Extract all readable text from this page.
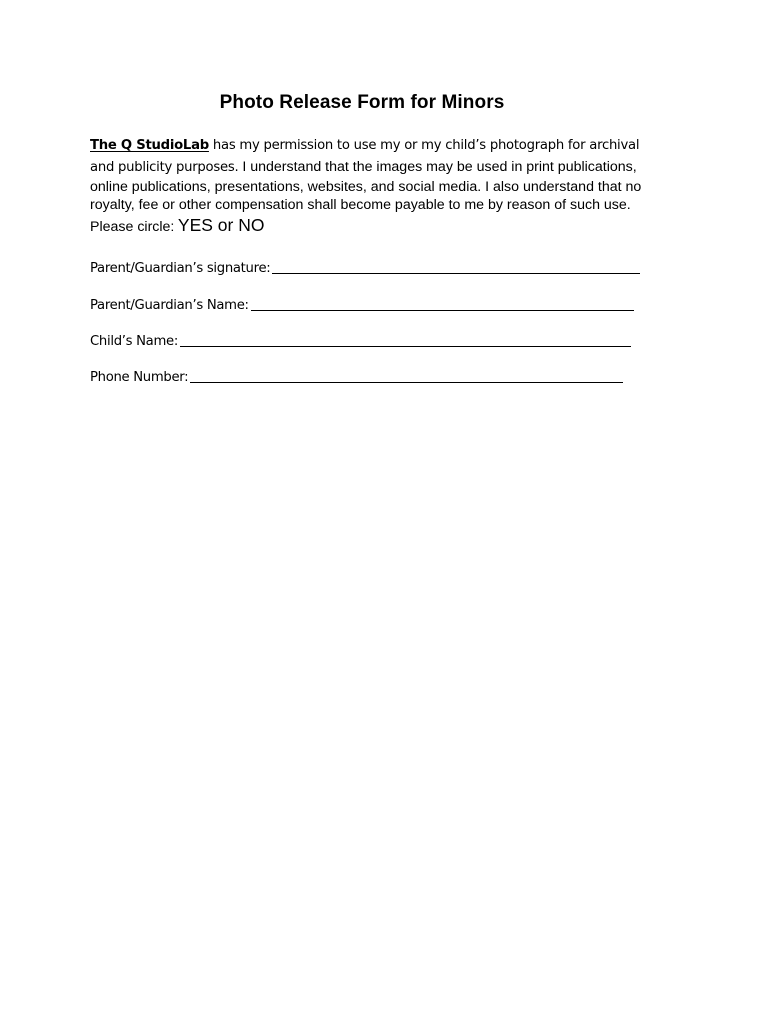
Photo Release Form for Minors
The Q StudioLab has my permission to use my or my child’s photograph for archival
and publicity purposes. I understand that the images may be used in print publications,
online publications, presentations, websites, and social media. I also understand that no
royalty, fee or other compensation shall become payable to me by reason of such use.
Please circle: YES or NO
Parent/Guardian’s signature:
Parent/Guardian’s Name:
Child’s Name:
Phone Number:
